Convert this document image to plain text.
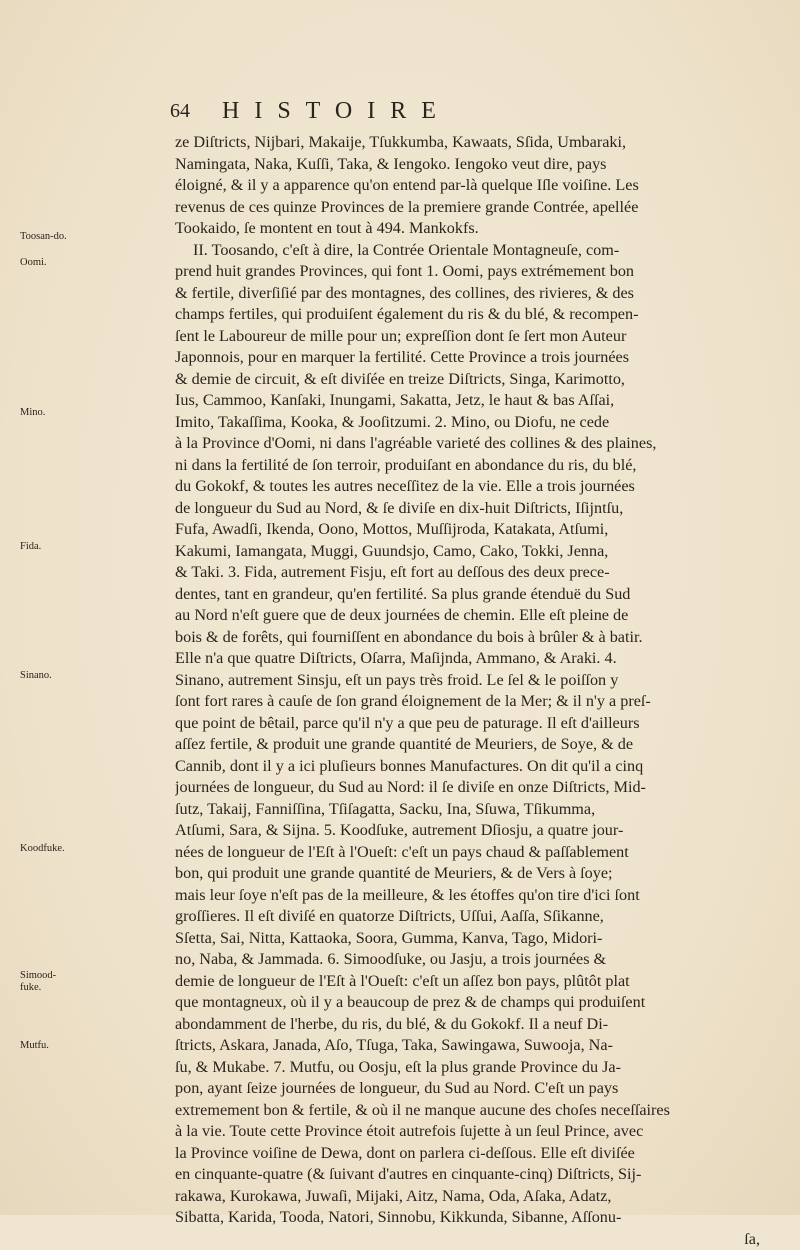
64 HISTOIRE
Toosan-do.
Oomi.
Mino.
Fida.
Sinano.
Koodfuke.
Simood-fuke.
Mutfu.
ze Diſtricts, Nijbari, Makaije, Tſukkumba, Kawaats, Sſida, Umbaraki,
Namingata, Naka, Kuſſi, Taka, & Iengoko. Iengoko veut dire, pays
éloigné, & il y a apparence qu'on entend par-là quelque Iſle voiſine. Les
revenus de ces quinze Provinces de la premiere grande Contrée, apellée
Tookaido, ſe montent en tout à 494. Mankokfs.
II. Toosando, c'eſt à dire, la Contrée Orientale Montagneuſe, com-
prend huit grandes Provinces, qui font 1. Oomi, pays extrémement bon
& fertile, diverſiſié par des montagnes, des collines, des rivieres, & des
champs fertiles, qui produiſent également du ris & du blé, & recompen-
ſent le Laboureur de mille pour un; expreſſion dont ſe ſert mon Auteur
Japonnois, pour en marquer la fertilité. Cette Province a trois journées
& demie de circuit, & eſt diviſée en treize Diſtricts, Singa, Karimotto,
Ius, Cammoo, Kanſaki, Inungami, Sakatta, Jetz, le haut & bas Aſſai,
Imito, Takaſſima, Kooka, & Jooſitzumi. 2. Mino, ou Diofu, ne cede
à la Province d'Oomi, ni dans l'agréable varieté des collines & des plaines,
ni dans la fertilité de ſon terroir, produiſant en abondance du ris, du blé,
du Gokokf, & toutes les autres neceſſitez de la vie. Elle a trois journées
de longueur du Sud au Nord, & ſe diviſe en dix-huit Diſtricts, Iſijntſu,
Fufa, Awadſi, Ikenda, Oono, Mottos, Muſſijroda, Katakata, Atſumi,
Kakumi, Iamangata, Muggi, Guundsjo, Camo, Cako, Tokki, Jenna,
& Taki. 3. Fida, autrement Fisju, eſt fort au deſſous des deux prece-
dentes, tant en grandeur, qu'en fertilité. Sa plus grande étenduë du Sud
au Nord n'eſt guere que de deux journées de chemin. Elle eſt pleine de
bois & de forêts, qui fourniſſent en abondance du bois à brûler & à batir.
Elle n'a que quatre Diſtricts, Oſarra, Maſijnda, Ammano, & Araki. 4.
Sinano, autrement Sinsju, eſt un pays très froid. Le ſel & le poiſſon y
ſont fort rares à cauſe de ſon grand éloignement de la Mer; & il n'y a preſ-
que point de bêtail, parce qu'il n'y a que peu de paturage. Il eſt d'ailleurs
aſſez fertile, & produit une grande quantité de Meuriers, de Soye, & de
Cannib, dont il y a ici pluſieurs bonnes Manufactures. On dit qu'il a cinq
journées de longueur, du Sud au Nord: il ſe diviſe en onze Diſtricts, Mid-
ſutz, Takaij, Fanniſſina, Tſiſagatta, Sacku, Ina, Sſuwa, Tſikumma,
Atſumi, Sara, & Sijna. 5. Koodſuke, autrement Dſiosju, a quatre jour-
nées de longueur de l'Eſt à l'Oueſt: c'eſt un pays chaud & paſſablement
bon, qui produit une grande quantité de Meuriers, & de Vers à ſoye;
mais leur ſoye n'eſt pas de la meilleure, & les étoffes qu'on tire d'ici ſont
groſſieres. Il eſt diviſé en quatorze Diſtricts, Uſſui, Aaſſa, Sſikanne,
Sſetta, Sai, Nitta, Kattaoka, Soora, Gumma, Kanva, Tago, Midori-
no, Naba, & Jammada. 6. Simoodſuke, ou Jasju, a trois journées &
demie de longueur de l'Eſt à l'Oueſt: c'eſt un aſſez bon pays, plûtôt plat
que montagneux, où il y a beaucoup de prez & de champs qui produiſent
abondamment de l'herbe, du ris, du blé, & du Gokokf. Il a neuf Di-
ſtricts, Askara, Janada, Aſo, Tſuga, Taka, Sawingawa, Suwooja, Na-
ſu, & Mukabe. 7. Mutfu, ou Oosju, eſt la plus grande Province du Ja-
pon, ayant ſeize journées de longueur, du Sud au Nord. C'eſt un pays
extremement bon & fertile, & où il ne manque aucune des choſes neceſſaires
à la vie. Toute cette Province étoit autrefois ſujette à un ſeul Prince, avec
la Province voiſine de Dewa, dont on parlera ci-deſſous. Elle eſt diviſée
en cinquante-quatre (& ſuivant d'autres en cinquante-cinq) Diſtricts, Sij-
rakawa, Kurokawa, Juwaſi, Mijaki, Aitz, Nama, Oda, Aſaka, Adatz,
Sibatta, Karida, Tooda, Natori, Sinnobu, Kikkunda, Sibanne, Aſſonu-
ſa,
